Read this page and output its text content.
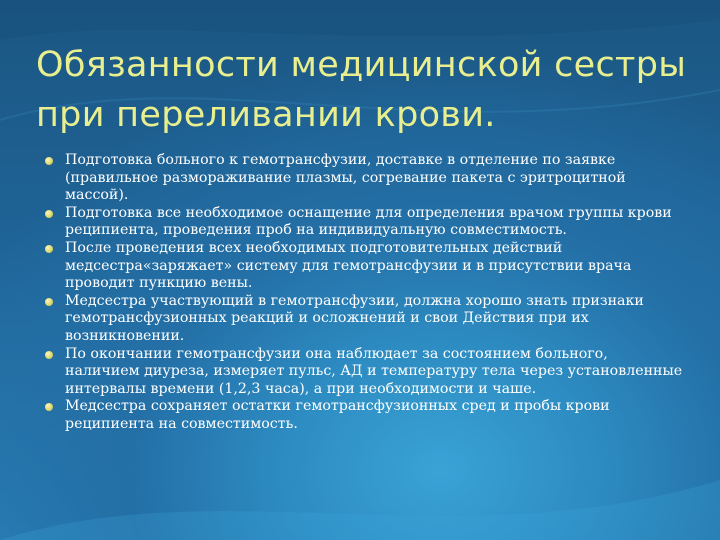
Обязанности медицинской сестры при переливании крови.
Подготовка больного к гемотрансфузии, доставке в отделение по заявке (правильное размораживание плазмы, согревание пакета с эритроцитной массой).
Подготовка все необходимое оснащение для определения врачом группы крови реципиента, проведения проб на индивидуальную совместимость.
После проведения всех необходимых подготовительных действий медсестра«заряжает» систему для гемотрансфузии и в присутствии врача проводит пункцию вены.
Медсестра участвующий в гемотрансфузии, должна хорошо знать признаки гемотрансфузионных реакций и осложнений и свои Действия при их возникновении.
По окончании гемотрансфузии она наблюдает за состоянием больного, наличием диуреза, измеряет пульс, АД и температуру тела через установленные интервалы времени (1,2,3 часа), а при необходимости и чаше.
Медсестра сохраняет остатки гемотрансфузионных сред и пробы крови реципиента на совместимость.
